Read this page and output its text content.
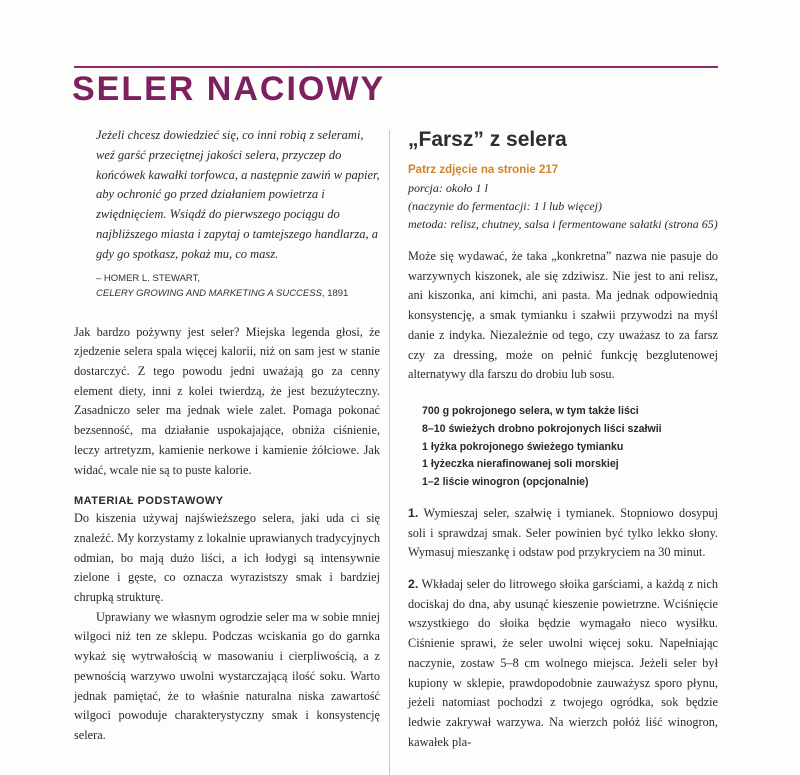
SELER NACIOWY
Jeżeli chcesz dowiedzieć się, co inni robią z selerami, weź garść przeciętnej jakości selera, przyczep do końcówek kawałki torfowca, a następnie zawiń w papier, aby ochronić go przed działaniem powietrza i zwiędnięciem. Wsiądź do pierwszego pociągu do najbliższego miasta i zapytaj o tamtejszego handlarza, a gdy go spotkasz, pokaż mu, co masz.
– HOMER L. STEWART,
CELERY GROWING AND MARKETING A SUCCESS, 1891

Jak bardzo pożywny jest seler? Miejska legenda głosi, że zjedzenie selera spala więcej kalorii, niż on sam jest w stanie dostarczyć. Z tego powodu jedni uważają go za cenny element diety, inni z kolei twierdzą, że jest bezużyteczny. Zasadniczo seler ma jednak wiele zalet. Pomaga pokonać bezsenność, ma działanie uspokajające, obniża ciśnienie, leczy artretyzm, kamienie nerkowe i kamienie żółciowe. Jak widać, wcale nie są to puste kalorie.

MATERIAŁ PODSTAWOWY

Do kiszenia używaj najświeższego selera, jaki uda ci się znaleźć. My korzystamy z lokalnie uprawianych tradycyjnych odmian, bo mają dużo liści, a ich łodygi są intensywnie zielone i gęste, co oznacza wyrazistszy smak i bardziej chrupką strukturę.

Uprawiany we własnym ogrodzie seler ma w sobie mniej wilgoci niż ten ze sklepu. Podczas wciskania go do garnka wykaż się wytrwałością w masowaniu i cierpliwością, a z pewnością warzywo uwolni wystarczającą ilość soku. Warto jednak pamiętać, że to właśnie naturalna niska zawartość wilgoci powoduje charakterystyczny smak i konsystencję selera.

„Farsz” z selera
Patrz zdjęcie na stronie 217

porcja: około 1 l

(naczynie do fermentacji: 1 l lub więcej)

metoda: relisz, chutney, salsa i fermentowane sałatki (strona 65)

Może się wydawać, że taka „konkretna” nazwa nie pasuje do warzywnych kiszonek, ale się zdziwisz. Nie jest to ani relisz, ani kiszonka, ani kimchi, ani pasta. Ma jednak odpowiednią konsystencję, a smak tymianku i szałwii przywodzi na myśl danie z indyka. Niezależnie od tego, czy uważasz to za farsz czy za dressing, może on pełnić funkcję bezglutenowej alternatywy dla farszu do drobiu lub sosu.
700 g pokrojonego selera, w tym także liści
8–10 świeżych drobno pokrojonych liści szałwii
1 łyżka pokrojonego świeżego tymianku
1 łyżeczka nierafinowanej soli morskiej
1–2 liście winogron (opcjonalnie)
1. Wymieszaj seler, szałwię i tymianek. Stopniowo dosypuj soli i sprawdzaj smak. Seler powinien być tylko lekko słony. Wymasuj mieszankę i odstaw pod przykryciem na 30 minut.
2. Wkładaj seler do litrowego słoika garściami, a każdą z nich dociskaj do dna, aby usunąć kieszenie powietrzne. Wciśnięcie wszystkiego do słoika będzie wymagało nieco wysiłku. Ciśnienie sprawi, że seler uwolni więcej soku. Napełniając naczynie, zostaw 5–8 cm wolnego miejsca. Jeżeli seler był kupiony w sklepie, prawdopodobnie zauważysz sporo płynu, jeżeli natomiast pochodzi z twojego ogródka, sok będzie ledwie zakrywał warzywa. Na wierzch połóż liść winogron, kawałek pla-
